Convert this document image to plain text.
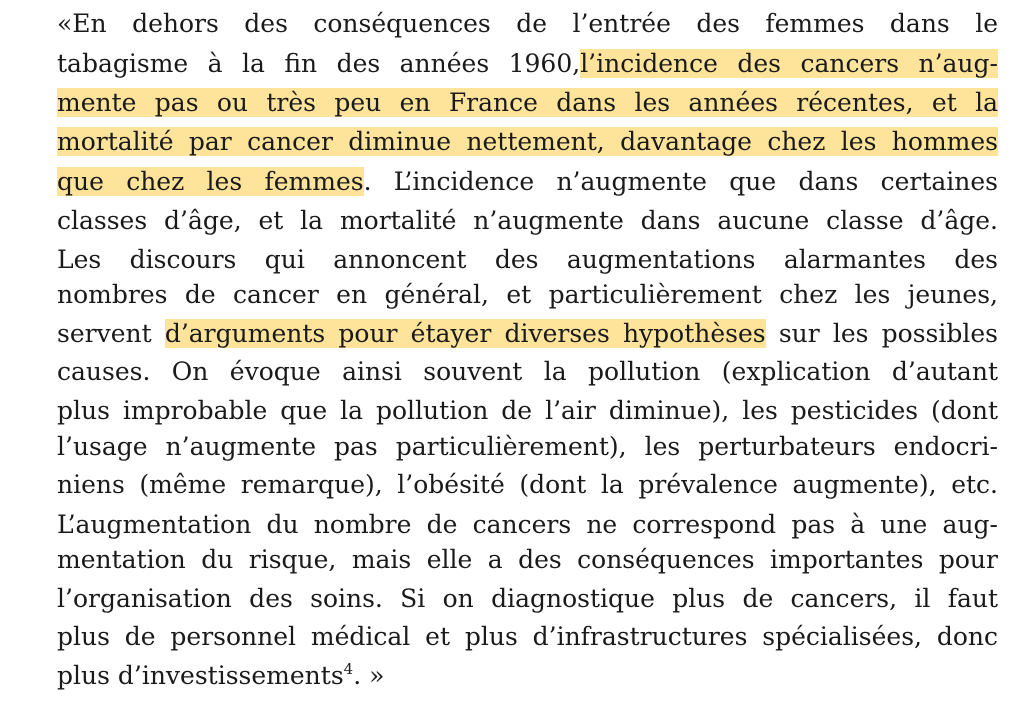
«En dehors des conséquences de l’entrée des femmes dans le

tabagisme à la fin des années 1960,l’incidence des cancers n’aug-

mente pas ou très peu en France dans les années récentes, et la

mortalité par cancer diminue nettement, davantage chez les hommes

que chez les femmes. L’incidence n’augmente que dans certaines

classes d’âge, et la mortalité n’augmente dans aucune classe d’âge.

Les discours qui annoncent des augmentations alarmantes des

nombres de cancer en général, et particulièrement chez les jeunes,

servent d’arguments pour étayer diverses hypothèses sur les possibles

causes. On évoque ainsi souvent la pollution (explication d’autant

plus improbable que la pollution de l’air diminue), les pesticides (dont

l’usage n’augmente pas particulièrement), les perturbateurs endocri-

niens (même remarque), l’obésité (dont la prévalence augmente), etc.

L’augmentation du nombre de cancers ne correspond pas à une aug-

mentation du risque, mais elle a des conséquences importantes pour

l’organisation des soins. Si on diagnostique plus de cancers, il faut

plus de personnel médical et plus d’infrastructures spécialisées, donc

plus d’investissements$^4$. »
